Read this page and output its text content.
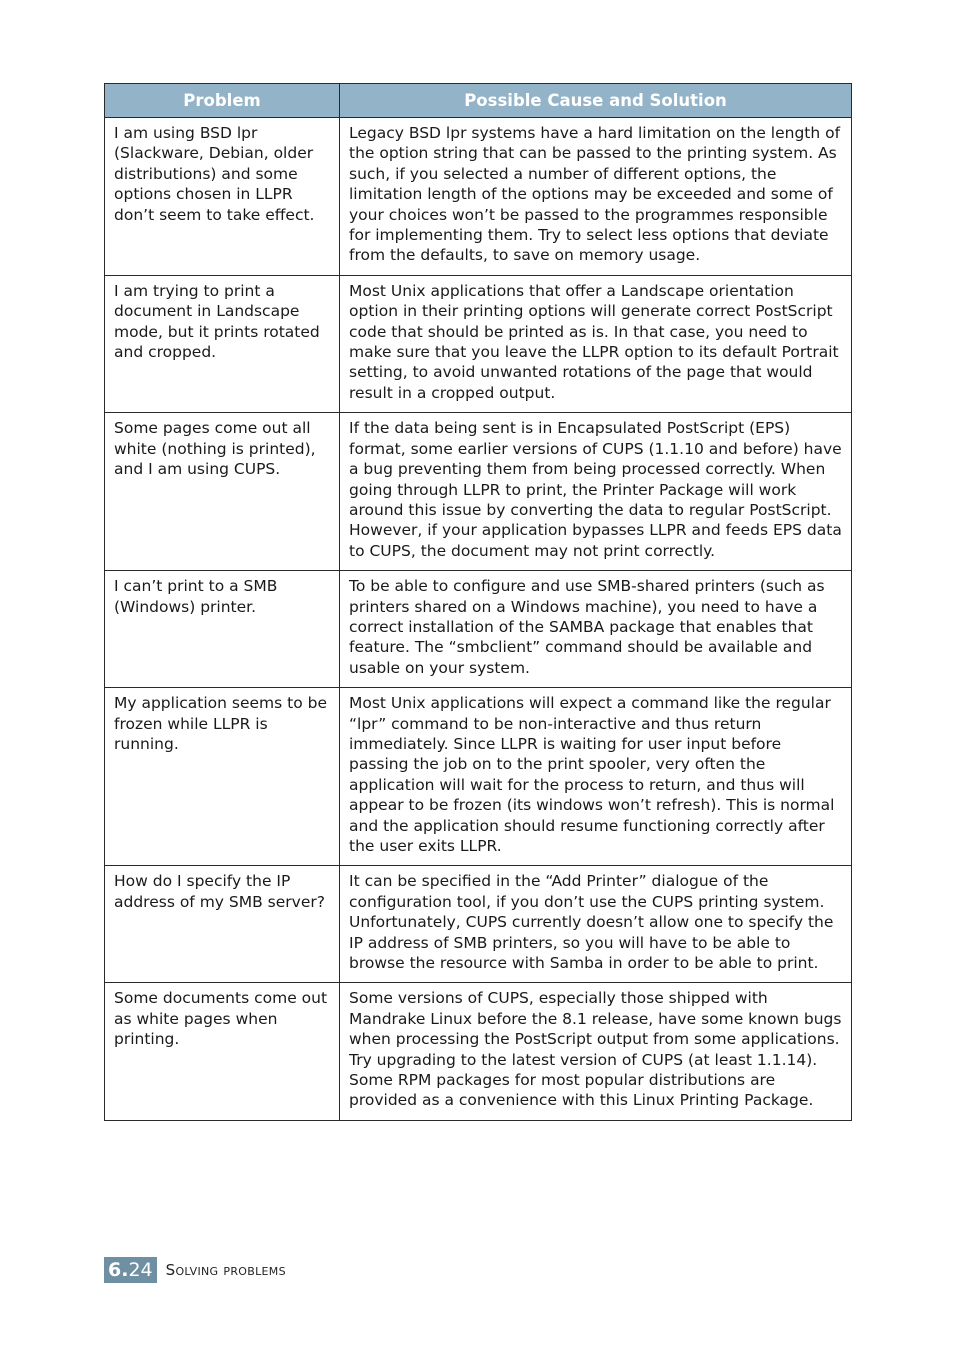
Problem	Possible Cause and Solution

I am using BSD lpr (Slackware, Debian, older distributions) and some options chosen in LLPR don’t seem to take effect.	Legacy BSD lpr systems have a hard limitation on the length of the option string that can be passed to the printing system. As such, if you selected a number of different options, the limitation length of the options may be exceeded and some of your choices won’t be passed to the programmes responsible for implementing them. Try to select less options that deviate from the defaults, to save on memory usage.

I am trying to print a document in Landscape mode, but it prints rotated and cropped.	Most Unix applications that offer a Landscape orientation option in their printing options will generate correct PostScript code that should be printed as is. In that case, you need to make sure that you leave the LLPR option to its default Portrait setting, to avoid unwanted rotations of the page that would result in a cropped output.

Some pages come out all white (nothing is printed), and I am using CUPS.	If the data being sent is in Encapsulated PostScript (EPS) format, some earlier versions of CUPS (1.1.10 and before) have a bug preventing them from being processed correctly. When going through LLPR to print, the Printer Package will work around this issue by converting the data to regular PostScript. However, if your application bypasses LLPR and feeds EPS data to CUPS, the document may not print correctly.

I can’t print to a SMB (Windows) printer.	To be able to configure and use SMB-shared printers (such as printers shared on a Windows machine), you need to have a correct installation of the SAMBA package that enables that feature. The “smbclient” command should be available and usable on your system.

My application seems to be frozen while LLPR is running.	Most Unix applications will expect a command like the regular “lpr” command to be non-interactive and thus return immediately. Since LLPR is waiting for user input before passing the job on to the print spooler, very often the application will wait for the process to return, and thus will appear to be frozen (its windows won’t refresh). This is normal and the application should resume functioning correctly after the user exits LLPR.

How do I specify the IP address of my SMB server?	It can be specified in the “Add Printer” dialogue of the configuration tool, if you don’t use the CUPS printing system. Unfortunately, CUPS currently doesn’t allow one to specify the IP address of SMB printers, so you will have to be able to browse the resource with Samba in order to be able to print.

Some documents come out as white pages when printing.	Some versions of CUPS, especially those shipped with Mandrake Linux before the 8.1 release, have some known bugs when processing the PostScript output from some applications. Try upgrading to the latest version of CUPS (at least 1.1.14). Some RPM packages for most popular distributions are provided as a convenience with this Linux Printing Package.

6. 24 Solving problems
